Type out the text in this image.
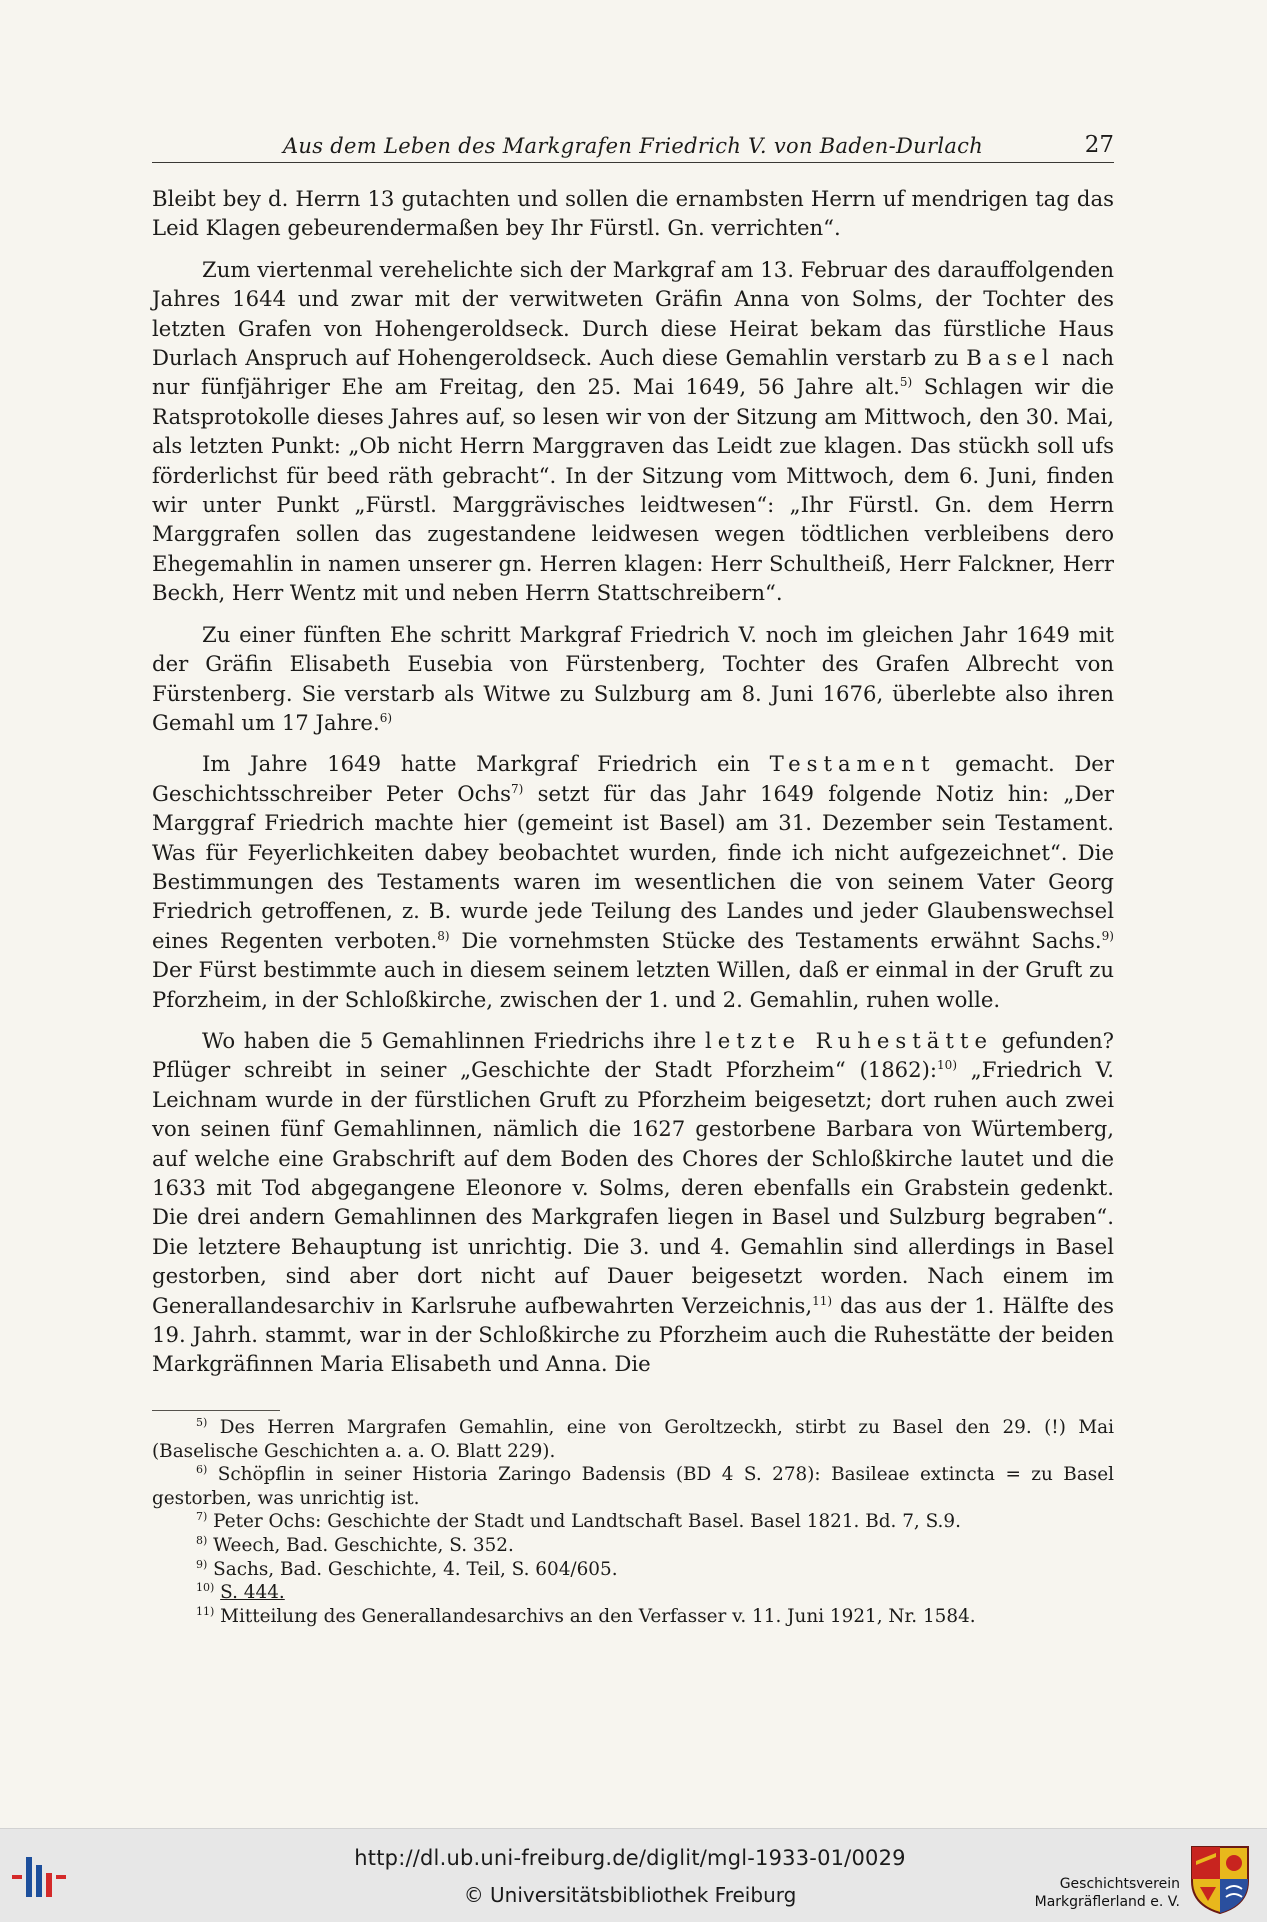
Aus dem Leben des Markgrafen Friedrich V. von Baden-Durlach	27

Bleibt bey d. Herrn 13 gutachten und sollen die ernambsten Herrn uf mendrigen tag das Leid Klagen gebeurendermaßen bey Ihr Fürstl. Gn. verrichten“.

Zum viertenmal verehelichte sich der Markgraf am 13. Februar des darauffolgenden Jahres 1644 und zwar mit der verwitweten Gräfin Anna von Solms, der Tochter des letzten Grafen von Hohengeroldseck. Durch diese Heirat bekam das fürstliche Haus Durlach Anspruch auf Hohengeroldseck. Auch diese Gemahlin verstarb zu Basel nach nur fünfjähriger Ehe am Freitag, den 25. Mai 1649, 56 Jahre alt.$^{5)}$ Schlagen wir die Ratsprotokolle dieses Jahres auf, so lesen wir von der Sitzung am Mittwoch, den 30. Mai, als letzten Punkt: „Ob nicht Herrn Marggraven das Leidt zue klagen. Das stückh soll ufs förderlichst für beed räth gebracht“. In der Sitzung vom Mittwoch, dem 6. Juni, finden wir unter Punkt „Fürstl. Marggrävisches leidtwesen“: „Ihr Fürstl. Gn. dem Herrn Marggrafen sollen das zugestandene leidwesen wegen tödtlichen verbleibens dero Ehegemahlin in namen unserer gn. Herren klagen: Herr Schultheiß, Herr Falckner, Herr Beckh, Herr Wentz mit und neben Herrn Stattschreibern“.

Zu einer fünften Ehe schritt Markgraf Friedrich V. noch im gleichen Jahr 1649 mit der Gräfin Elisabeth Eusebia von Fürstenberg, Tochter des Grafen Albrecht von Fürstenberg. Sie verstarb als Witwe zu Sulzburg am 8. Juni 1676, überlebte also ihren Gemahl um 17 Jahre.$^{6)}$

Im Jahre 1649 hatte Markgraf Friedrich ein Testament gemacht. Der Geschichtsschreiber Peter Ochs$^{7)}$ setzt für das Jahr 1649 folgende Notiz hin: „Der Marggraf Friedrich machte hier (gemeint ist Basel) am 31. Dezember sein Testament. Was für Feyerlichkeiten dabey beobachtet wurden, finde ich nicht aufgezeichnet“. Die Bestimmungen des Testaments waren im wesentlichen die von seinem Vater Georg Friedrich getroffenen, z. B. wurde jede Teilung des Landes und jeder Glaubenswechsel eines Regenten verboten.$^{8)}$ Die vornehmsten Stücke des Testaments erwähnt Sachs.$^{9)}$ Der Fürst bestimmte auch in diesem seinem letzten Willen, daß er einmal in der Gruft zu Pforzheim, in der Schloßkirche, zwischen der 1. und 2. Gemahlin, ruhen wolle.

Wo haben die 5 Gemahlinnen Friedrichs ihre letzte Ruhestätte gefunden? Pflüger schreibt in seiner „Geschichte der Stadt Pforzheim“ (1862):$^{10)}$ „Friedrich V. Leichnam wurde in der fürstlichen Gruft zu Pforzheim beigesetzt; dort ruhen auch zwei von seinen fünf Gemahlinnen, nämlich die 1627 gestorbene Barbara von Würtemberg, auf welche eine Grabschrift auf dem Boden des Chores der Schloßkirche lautet und die 1633 mit Tod abgegangene Eleonore v. Solms, deren ebenfalls ein Grabstein gedenkt. Die drei andern Gemahlinnen des Markgrafen liegen in Basel und Sulzburg begraben“. Die letztere Behauptung ist unrichtig. Die 3. und 4. Gemahlin sind allerdings in Basel gestorben, sind aber dort nicht auf Dauer beigesetzt worden. Nach einem im Generallandesarchiv in Karlsruhe aufbewahrten Verzeichnis,$^{11)}$ das aus der 1. Hälfte des 19. Jahrh. stammt, war in der Schloßkirche zu Pforzheim auch die Ruhestätte der beiden Markgräfinnen Maria Elisabeth und Anna. Die

$^{5)}$ Des Herren Margrafen Gemahlin, eine von Geroltzeckh, stirbt zu Basel den 29. (!) Mai (Baselische Geschichten a. a. O. Blatt 229).

$^{6)}$ Schöpflin in seiner Historia Zaringo Badensis (BD 4 S. 278): Basileae extincta = zu Basel gestorben, was unrichtig ist.

$^{7)}$ Peter Ochs: Geschichte der Stadt und Landtschaft Basel. Basel 1821. Bd. 7, S.9.

$^{8)}$ Weech, Bad. Geschichte, S. 352.

$^{9)}$ Sachs, Bad. Geschichte, 4. Teil, S. 604/605.

$^{10)}$ S. 444.

$^{11)}$ Mitteilung des Generallandesarchivs an den Verfasser v. 11. Juni 1921, Nr. 1584.

http://dl.ub.uni-freiburg.de/diglit/mgl-1933-01/0029
© Universitätsbibliothek Freiburg	Geschichtsverein
Markgräflerland e. V.
